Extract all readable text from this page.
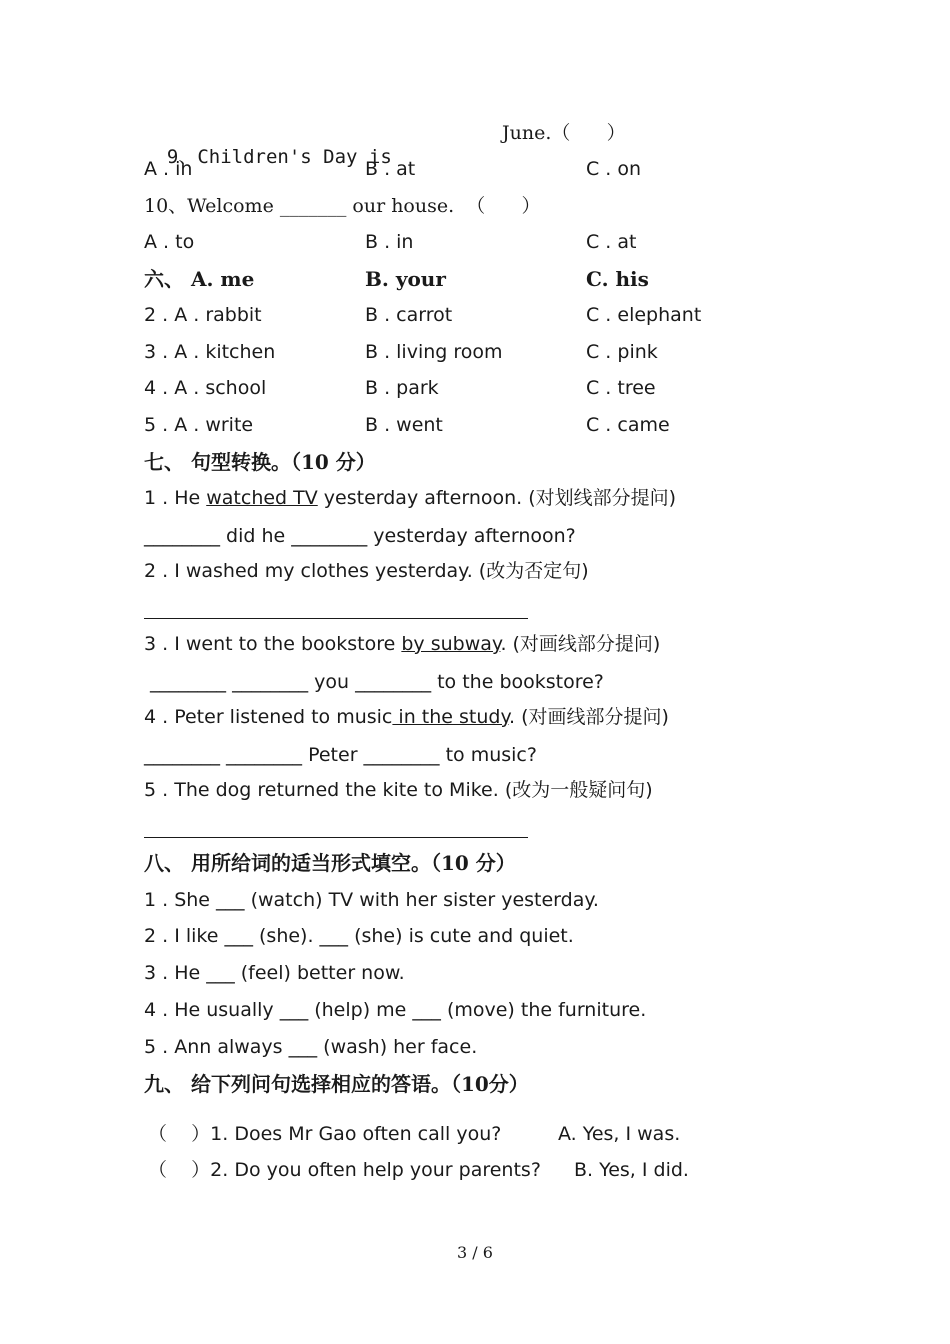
9、Children's Day is

June.（      ）
A . in	B . at	C . on
10、Welcome _______ our house.  （      ）
A . to	B . in	C . at
六、 A. me	B. your	C. his
2 . A . rabbit	B . carrot	C . elephant
3 . A . kitchen	B . living room	C . pink
4 . A . school	B . park	C . tree
5 . A . write	B . went	C . came
七、 句型转换。（10 分）
1 . He watched TV yesterday afternoon. (对划线部分提问)
________ did he ________ yesterday afternoon?
2 . I washed my clothes yesterday. (改为否定句)
3 . I went to the bookstore by subway. (对画线部分提问)
________ ________ you ________ to the bookstore?
4 . Peter listened to music in the study. (对画线部分提问)
________ ________ Peter ________ to music?
5 . The dog returned the kite to Mike. (改为一般疑问句)
八、 用所给词的适当形式填空。（10 分）
1 . She ___ (watch) TV with her sister yesterday.
2 . I like ___ (she). ___ (she) is cute and quiet.
3 . He ___ (feel) better now.
4 . He usually ___ (help) me ___ (move) the furniture.
5 . Ann always ___ (wash) her face.
九、 给下列问句选择相应的答语。（10分）
（    ）1. Does Mr Gao often call you?	A. Yes, I was.
（    ）2. Do you often help your parents? B. Yes, I did.
3 / 6
